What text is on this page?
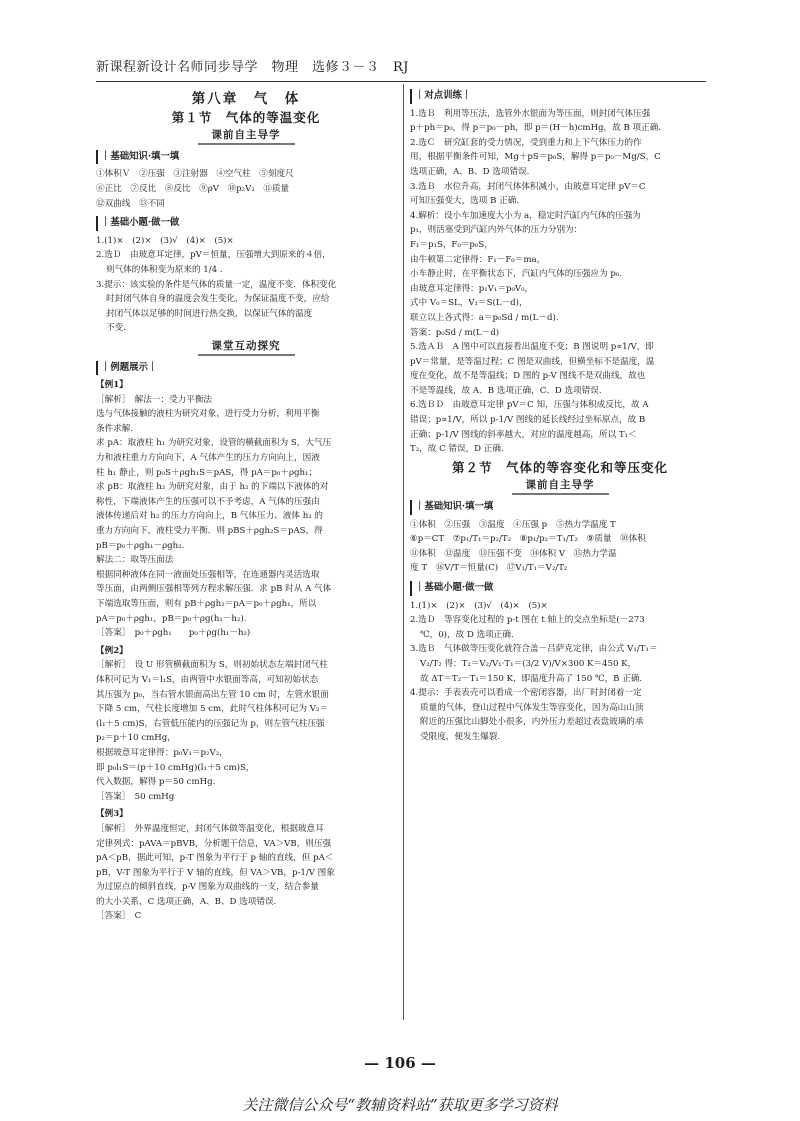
新课程新设计名师同步导学　物理　选修３－３　RJ
第八章　气　体
第１节　气体的等温变化
课前自主导学
｜基础知识·填一填
①体积Ｖ　②压强　③注射器　④空气柱　⑤刻度尺
⑥正比　⑦反比　⑧反比　⑨ρV　⑩p₂V₂　⑪质量
⑫双曲线　⑬不同
｜基础小题·做一做
1.(1)×　(2)×　(3)√　(4)×　(5)×
2.选Ｄ　由玻意耳定律，pV＝恒量，压强增大到原来的４倍，
则气体的体积变为原来的 1/4 .
3.提示：该实验的条件是气体的质量一定，温度不变．体积变化
时封闭气体自身的温度会发生变化，为保证温度不变，应给
封闭气体以足够的时间进行热交换，以保证气体的温度
不变.
课堂互动探究
｜例题展示｜
【例1】
［解析］　解法一：受力平衡法
选与气体接触的液柱为研究对象，进行受力分析，利用平衡
条件求解.
求 pA：取液柱 h₁ 为研究对象，设管的横截面积为 S，大气压
力和液柱重力方向向下，A 气体产生的压力方向向上，因液
柱 h₁ 静止，则 p₀S＋ρgh₁S＝pAS，得 pA＝p₀＋ρgh₁；
求 pB：取液柱 h₂ 为研究对象，由于 h₂ 的下端以下液体的对
称性，下端液体产生的压强可以不予考虑，A 气体的压强由
液体传递后对 h₂ 的压力方向向上，B 气体压力、液体 h₂ 的
重力方向向下，液柱受力平衡．则 pBS＋ρgh₂S＝pAS，得
pB＝p₀＋ρgh₁－ρgh₂.
解法二：取等压面法
根据同种液体在同一液面处压强相等，在连通器内灵活选取
等压面，由两侧压强相等列方程求解压强．求 pB 时从 A 气体
下端选取等压面，则有 pB＋ρgh₂＝pA＝p₀＋ρgh₁，所以
pA＝p₀＋ρgh₁，pB＝p₀＋ρg(h₁－h₂).
［答案］　p₀＋ρgh₁　　p₀＋ρg(h₁－h₂)
【例2】
［解析］　设 U 形管横截面积为 S，则初始状态左端封闭气柱
体积可记为 V₁＝l₁S，由两管中水银面等高，可知初始状态
其压强为 p₀，当右管水银面高出左管 10 cm 时，左管水银面
下降 5 cm，气柱长度增加 5 cm，此时气柱体积可记为 V₂＝
(l₁＋5 cm)S，右管低压能内的压强记为 p，则左管气柱压强
p₂＝p＋10 cmHg，
根据玻意耳定律得：p₀V₁＝p₂V₂，
即 p₀l₁S＝(p＋10 cmHg)(l₁＋5 cm)S，
代入数据，解得 p＝50 cmHg.
［答案］　50 cmHg
【例3】
［解析］　外界温度恒定，封闭气体做等温变化，根据玻意耳
定律列式：pAVA＝pBVB，分析题干信息，VA＞VB，则压强
pA＜pB，据此可知，p-T 图象为平行于 p 轴的直线，但 pA＜
pB，V-T 图象为平行于 V 轴的直线，但 VA＞VB，p-1/V 图象
为过原点的倾斜直线，p-V 图象为双曲线的一支，结合参量
的大小关系，C 选项正确，A、B、D 选项错误.
［答案］　C
｜对点训练｜
1.选Ｂ　利用等压法，选管外水银面为等压面，则封闭气体压强
p＋ph＝p₀，得 p＝p₀－ph，即 p＝(H－h)cmHg，故 B 项正确.
2.选Ｃ　研究缸套的受力情况，受到重力和上下气体压力的作
用，根据平衡条件可知，Mg＋pS＝p₀S，解得 p＝p₀－Mg/S，C
选项正确，A、B、D 选项错误.
3.选Ｂ　水位升高，封闭气体体积减小，由玻意耳定律 pV＝C
可知压强变大，选项 B 正确.
4.解析：设小车加速度大小为 a，稳定时汽缸内气体的压强为
p₁，则活塞受到汽缸内外气体的压力分别为：
F₁＝p₁S，F₀＝p₀S，
由牛顿第二定律得：F₁－F₀＝ma，
小车静止时，在平衡状态下，汽缸内气体的压强应为 p₀.
由玻意耳定律得：p₁V₁＝p₀V₀，
式中 V₀＝SL，V₁＝S(L－d)，
联立以上各式得：a＝p₀Sd / m(L－d).
答案：p₀Sd / m(L－d)
5.选ＡＢ　A 图中可以直接看出温度不变；B 图说明 p∝1/V，即
pV＝常量，是等温过程；C 图是双曲线，但横坐标不是温度，温
度在变化，故不是等温线；D 图的 p-V 图线不是双曲线，故也
不是等温线，故 A、B 选项正确，C、D 选项错误.
6.选ＢＤ　由玻意耳定律 pV＝C 知，压强与体积成反比，故 A
错误；p∝1/V，所以 p-1/V 图线的延长线经过坐标原点，故 B
正确；p-1/V 图线的斜率越大，对应的温度越高，所以 T₁＜
T₂，故 C 错误，D 正确.
第２节　气体的等容变化和等压变化
课前自主导学
｜基础知识·填一填
①体积　②压强　③温度　④压强 p　⑤热力学温度 T
⑥p＝CT　⑦p₁/T₁＝p₂/T₂　⑧p₁/p₂＝T₁/T₂　⑨质量　⑩体积
⑪体积　⑫温度　⑬压强不变　⑭体积 V　⑮热力学温
度 T　⑯V/T＝恒量(C)　⑰V₁/T₁＝V₂/T₂
｜基础小题·做一做
1.(1)×　(2)×　(3)√　(4)×　(5)×
2.选Ｄ　等容变化过程的 p-t 图在 t 轴上的交点坐标是(－273
℃，0)，故 D 选项正确.
3.选Ｂ　气体做等压变化就符合盖－吕萨克定律，由公式 V₁/T₁＝
V₂/T₂ 得：T₂＝V₂/V₁·T₁＝(3/2 V)/V×300 K＝450 K，
故 ΔT＝T₂－T₁＝150 K，即温度升高了 150 ℃，B 正确.
4.提示：手表表壳可以看成一个密闭容器，出厂时封闭着一定
质量的气体，登山过程中气体发生等容变化，因为高山山顶
附近的压强比山脚处小很多，内外压力差超过表盘玻璃的承
受限度，便发生爆裂.
— 106 —
关注微信公众号“教辅资料站”获取更多学习资料
